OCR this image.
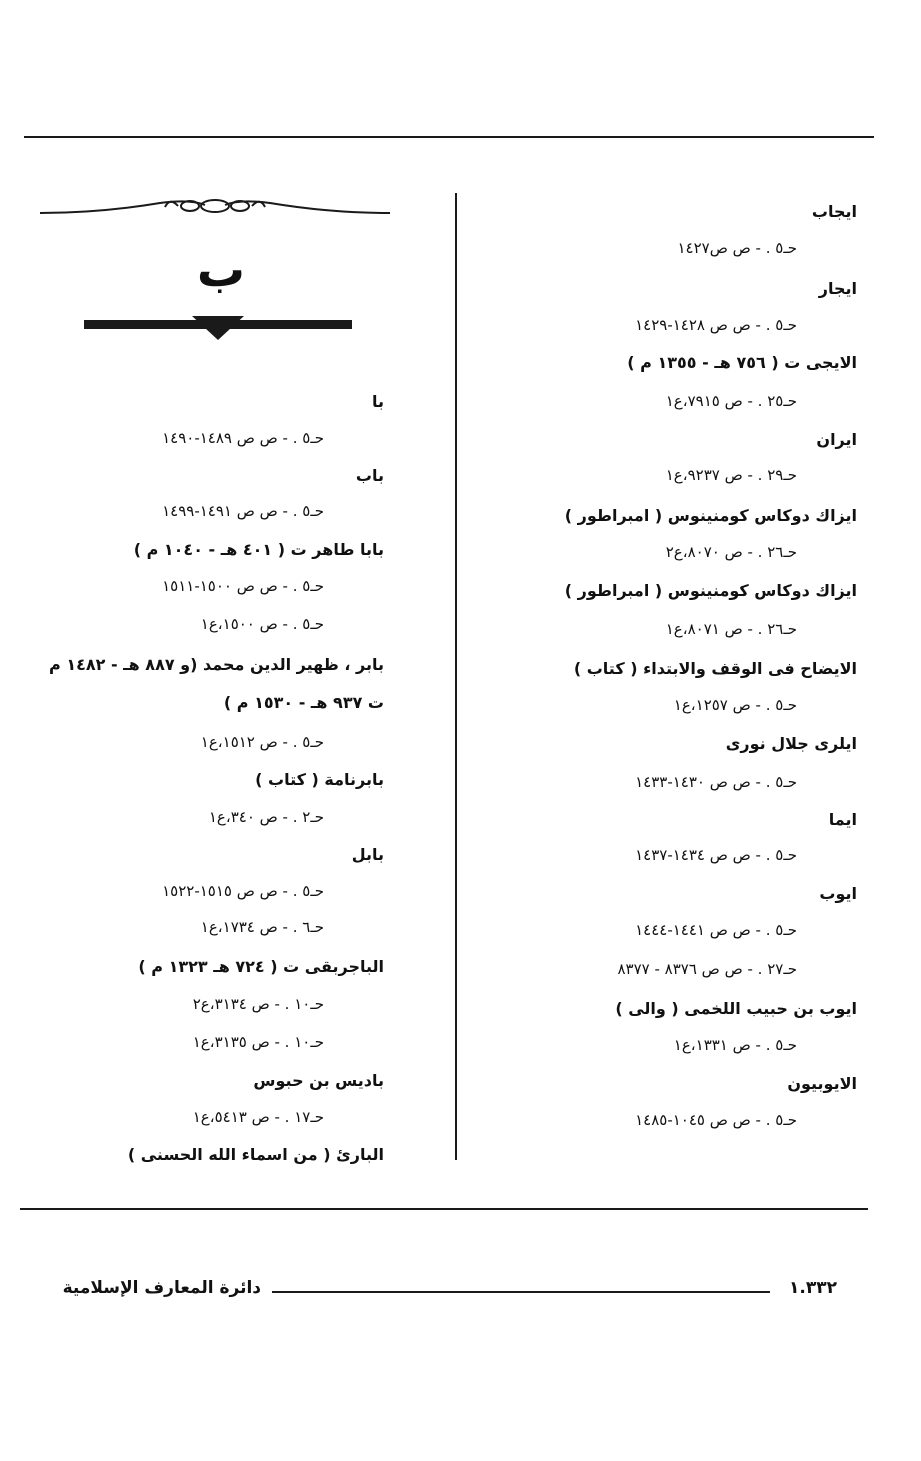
ب
با
حـ٥ . - ص ص ١٤٨٩-١٤٩٠
باب
حـ٥ . - ص ص ١٤٩١-١٤٩٩
بابا طاهر ت ( ٤٠١ هـ - ١٠٤٠ م )
حـ٥ . - ص ص ١٥٠٠-١٥١١
حـ٥ . - ص ١٥٠٠،ع١
بابر ، ظهير الدين محمد (و ٨٨٧ هـ - ١٤٨٢ م
ت ٩٣٧ هـ - ١٥٣٠ م )
حـ٥ . - ص ١٥١٢،ع١
بابرنامة ( كتاب )
حـ٢ . - ص ٣٤٠،ع١
بابل
حـ٥ . - ص ص ١٥١٥-١٥٢٢
حـ٦ . - ص ١٧٣٤،ع١
الباجربقى ت ( ٧٢٤ هـ ١٣٢٣ م )
حـ١٠ . - ص ٣١٣٤،ع٢
حـ١٠ . - ص ٣١٣٥،ع١
باديس بن حبوس
حـ١٧ . - ص ٥٤١٣،ع١
البارئ ( من اسماء الله الحسنى )
ايجاب
حـ٥ . - ص ص١٤٢٧
ايجار
حـ٥ . - ص ص ١٤٢٨-١٤٢٩
الايجى ت ( ٧٥٦ هـ - ١٣٥٥ م )
حـ٢٥ . - ص ٧٩١٥،ع١
ايران
حـ٢٩ . - ص ٩٢٣٧،ع١
ايزاك دوكاس كومنينوس ( امبراطور )
حـ٢٦ . - ص ٨٠٧٠،ع٢
ايزاك دوكاس كومنينوس ( امبراطور )
حـ٢٦ . - ص ٨٠٧١،ع١
الايضاح فى الوقف والابتداء ( كتاب )
حـ٥ . - ص ١٢٥٧،ع١
ايلرى جلال نورى
حـ٥ . - ص ص ١٤٣٠-١٤٣٣
ايما
حـ٥ . - ص ص ١٤٣٤-١٤٣٧
ايوب
حـ٥ . - ص ص ١٤٤١-١٤٤٤
حـ٢٧ . - ص ص ٨٣٧٦ - ٨٣٧٧
ايوب بن حبيب اللخمى ( والى )
حـ٥ . - ص ١٣٣١،ع١
الايوبيون
حـ٥ . - ص ص ١٠٤٥-١٤٨٥
١.٣٣٢
دائرة المعارف الإسلامية
